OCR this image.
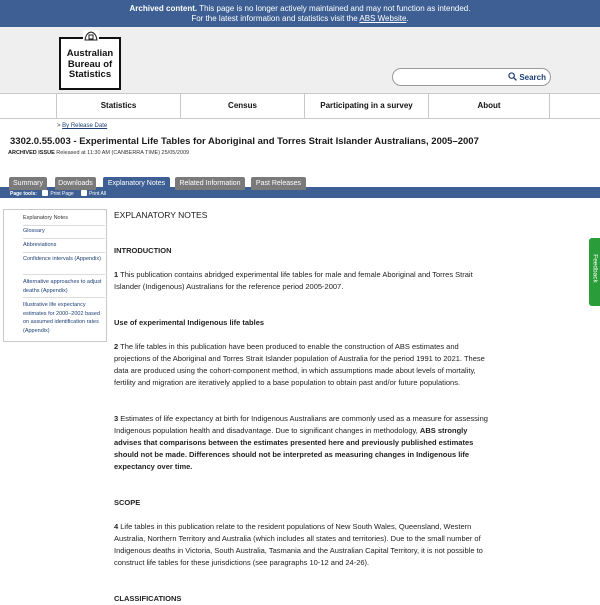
Archived content. This page is no longer actively maintained and may not function as intended.
For the latest information and statistics visit the ABS Website.
Australian
Bureau of
Statistics	Search
Statistics	Census	Participating in a survey	About
> By Release Date
3302.0.55.003 - Experimental Life Tables for Aboriginal and Torres Strait Islander Australians, 2005–2007
ARCHIVED ISSUE Released at 11:30 AM (CANBERRA TIME) 25/05/2009
Summary	Downloads	Explanatory Notes	Related Information	Past Releases
Page tools:	Print Page	Print All
Explanatory Notes
Glossary
Abbreviations
Confidence intervals (Appendix)
Alternative approaches to adjust deaths (Appendix)
Illustrative life expectancy estimates for 2000–2002 based on assumed identification rates (Appendix)
EXPLANATORY NOTES
INTRODUCTION

1 This publication contains abridged experimental life tables for male and female Aboriginal and Torres Strait Islander (Indigenous) Australians for the reference period 2005-2007.

Use of experimental Indigenous life tables

2 The life tables in this publication have been produced to enable the construction of ABS estimates and projections of the Aboriginal and Torres Strait Islander population of Australia for the period 1991 to 2021. These data are produced using the cohort-component method, in which assumptions made about levels of mortality, fertility and migration are iteratively applied to a base population to obtain past and/or future populations.

3 Estimates of life expectancy at birth for Indigenous Australians are commonly used as a measure for assessing Indigenous population health and disadvantage. Due to significant changes in methodology, ABS strongly advises that comparisons between the estimates presented here and previously published estimates should not be made. Differences should not be interpreted as measuring changes in Indigenous life expectancy over time.

SCOPE

4 Life tables in this publication relate to the resident populations of New South Wales, Queensland, Western Australia, Northern Territory and Australia (which includes all states and territories). Due to the small number of Indigenous deaths in Victoria, South Australia, Tasmania and the Australian Capital Territory, it is not possible to construct life tables for these jurisdictions (see paragraphs 10-12 and 24-26).

CLASSIFICATIONS
Feedback
